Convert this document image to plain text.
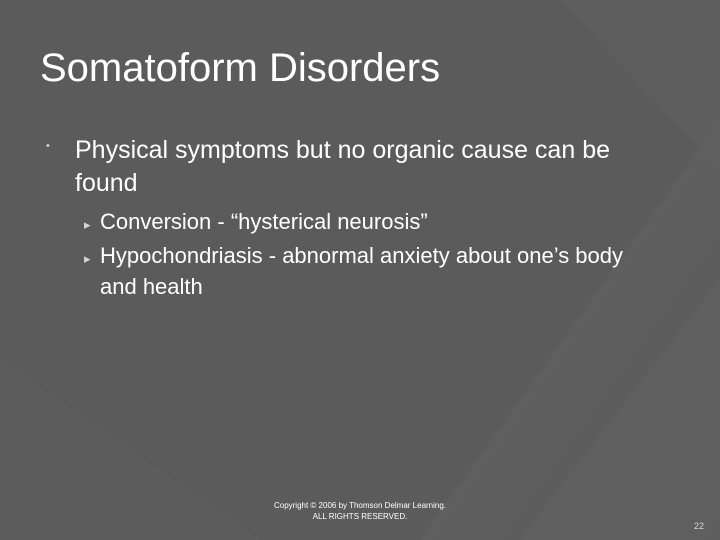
Somatoform Disorders
• Physical symptoms but no organic cause can be found
▸ Conversion - “hysterical neurosis”
▸ Hypochondriasis - abnormal anxiety about one’s body and health
Copyright © 2006 by Thomson Delmar Learning.
ALL RIGHTS RESERVED.
22
